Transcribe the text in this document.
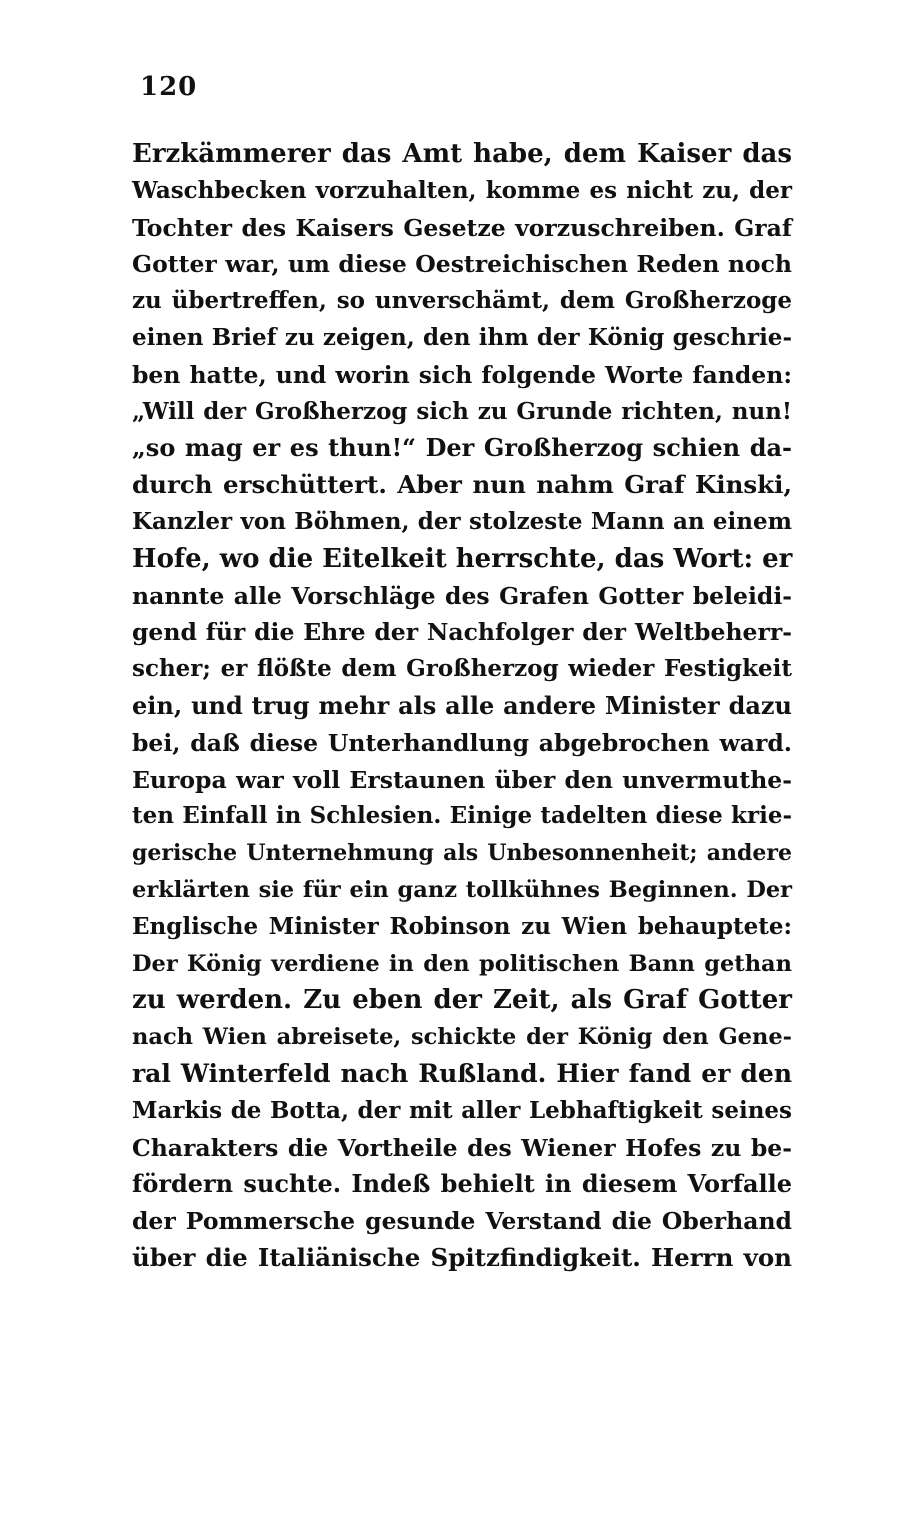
120
Erzkämmerer das Amt habe, dem Kaiser das
Waschbecken vorzuhalten, komme es nicht zu, der
Tochter des Kaisers Gesetze vorzuschreiben. Graf
Gotter war, um diese Oestreichischen Reden noch
zu übertreffen, so unverschämt, dem Großherzoge
einen Brief zu zeigen, den ihm der König geschrie-
ben hatte, und worin sich folgende Worte fanden:
„Will der Großherzog sich zu Grunde richten, nun!
„so mag er es thun!“ Der Großherzog schien da-
durch erschüttert. Aber nun nahm Graf Kinski,
Kanzler von Böhmen, der stolzeste Mann an einem
Hofe, wo die Eitelkeit herrschte, das Wort: er
nannte alle Vorschläge des Grafen Gotter beleidi-
gend für die Ehre der Nachfolger der Weltbeherr-
scher; er flößte dem Großherzog wieder Festigkeit
ein, und trug mehr als alle andere Minister dazu
bei, daß diese Unterhandlung abgebrochen ward.
Europa war voll Erstaunen über den unvermuthe-
ten Einfall in Schlesien. Einige tadelten diese krie-
gerische Unternehmung als Unbesonnenheit; andere
erklärten sie für ein ganz tollkühnes Beginnen. Der
Englische Minister Robinson zu Wien behauptete:
Der König verdiene in den politischen Bann gethan
zu werden. Zu eben der Zeit, als Graf Gotter
nach Wien abreisete, schickte der König den Gene-
ral Winterfeld nach Rußland. Hier fand er den
Markis de Botta, der mit aller Lebhaftigkeit seines
Charakters die Vortheile des Wiener Hofes zu be-
fördern suchte. Indeß behielt in diesem Vorfalle
der Pommersche gesunde Verstand die Oberhand
über die Italiänische Spitzfindigkeit. Herrn von
